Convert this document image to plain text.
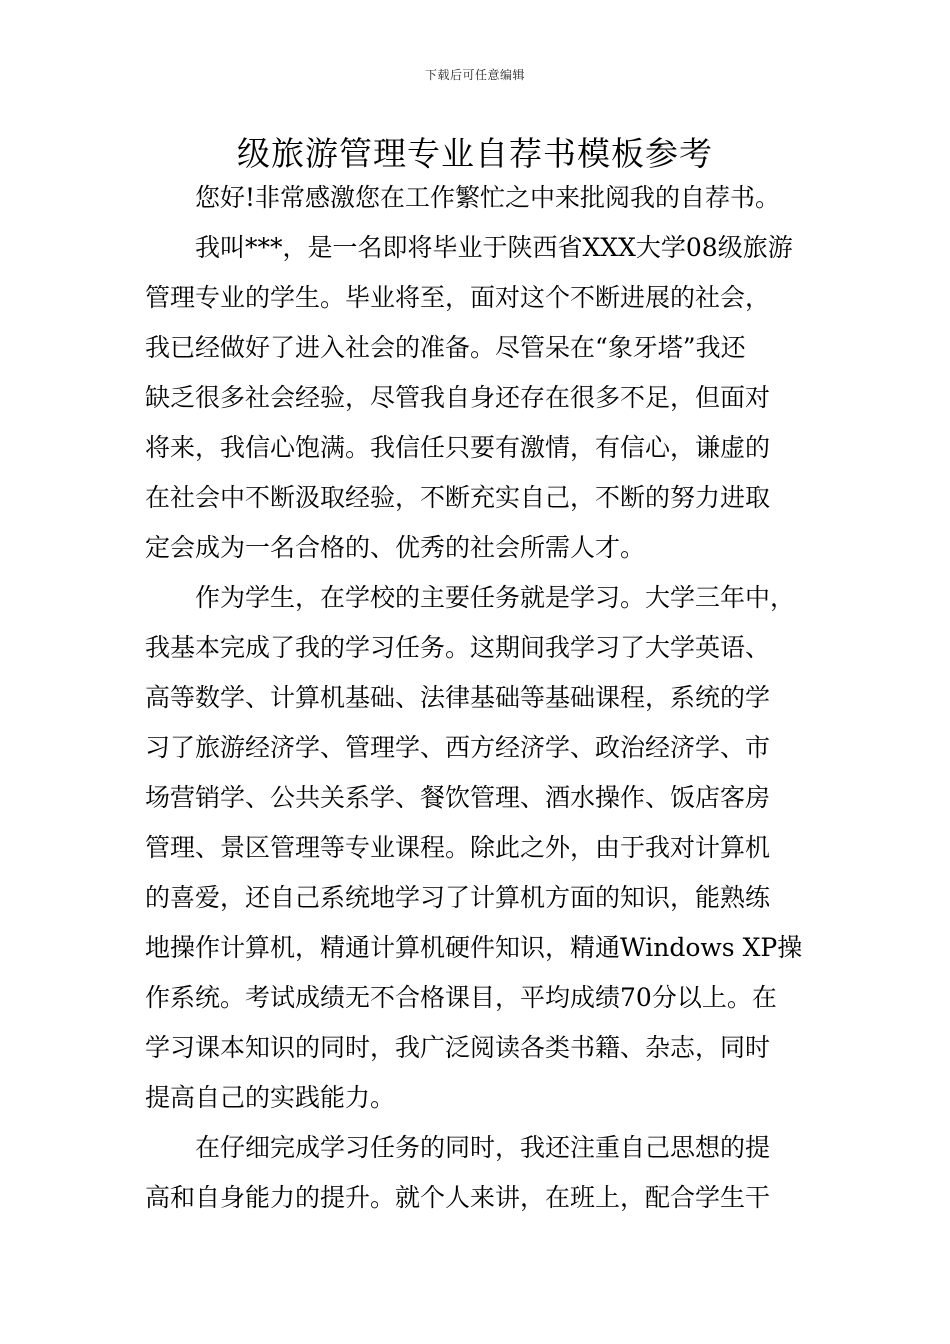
下载后可任意编辑
级旅游管理专业自荐书模板参考
您好!非常感激您在工作繁忙之中来批阅我的自荐书。
我叫***，是一名即将毕业于陕西省XXX大学08级旅游
管理专业的学生。毕业将至，面对这个不断进展的社会，
我已经做好了进入社会的准备。尽管呆在“象牙塔”我还
缺乏很多社会经验，尽管我自身还存在很多不足，但面对
将来，我信心饱满。我信任只要有激情，有信心，谦虚的
在社会中不断汲取经验，不断充实自己，不断的努力进取
定会成为一名合格的、优秀的社会所需人才。
作为学生，在学校的主要任务就是学习。大学三年中，
我基本完成了我的学习任务。这期间我学习了大学英语、
高等数学、计算机基础、法律基础等基础课程，系统的学
习了旅游经济学、管理学、西方经济学、政治经济学、市
场营销学、公共关系学、餐饮管理、酒水操作、饭店客房
管理、景区管理等专业课程。除此之外，由于我对计算机
的喜爱，还自己系统地学习了计算机方面的知识，能熟练
地操作计算机，精通计算机硬件知识，精通Windows XP操
作系统。考试成绩无不合格课目，平均成绩70分以上。在
学习课本知识的同时，我广泛阅读各类书籍、杂志，同时
提高自己的实践能力。
在仔细完成学习任务的同时，我还注重自己思想的提
高和自身能力的提升。就个人来讲，在班上，配合学生干
